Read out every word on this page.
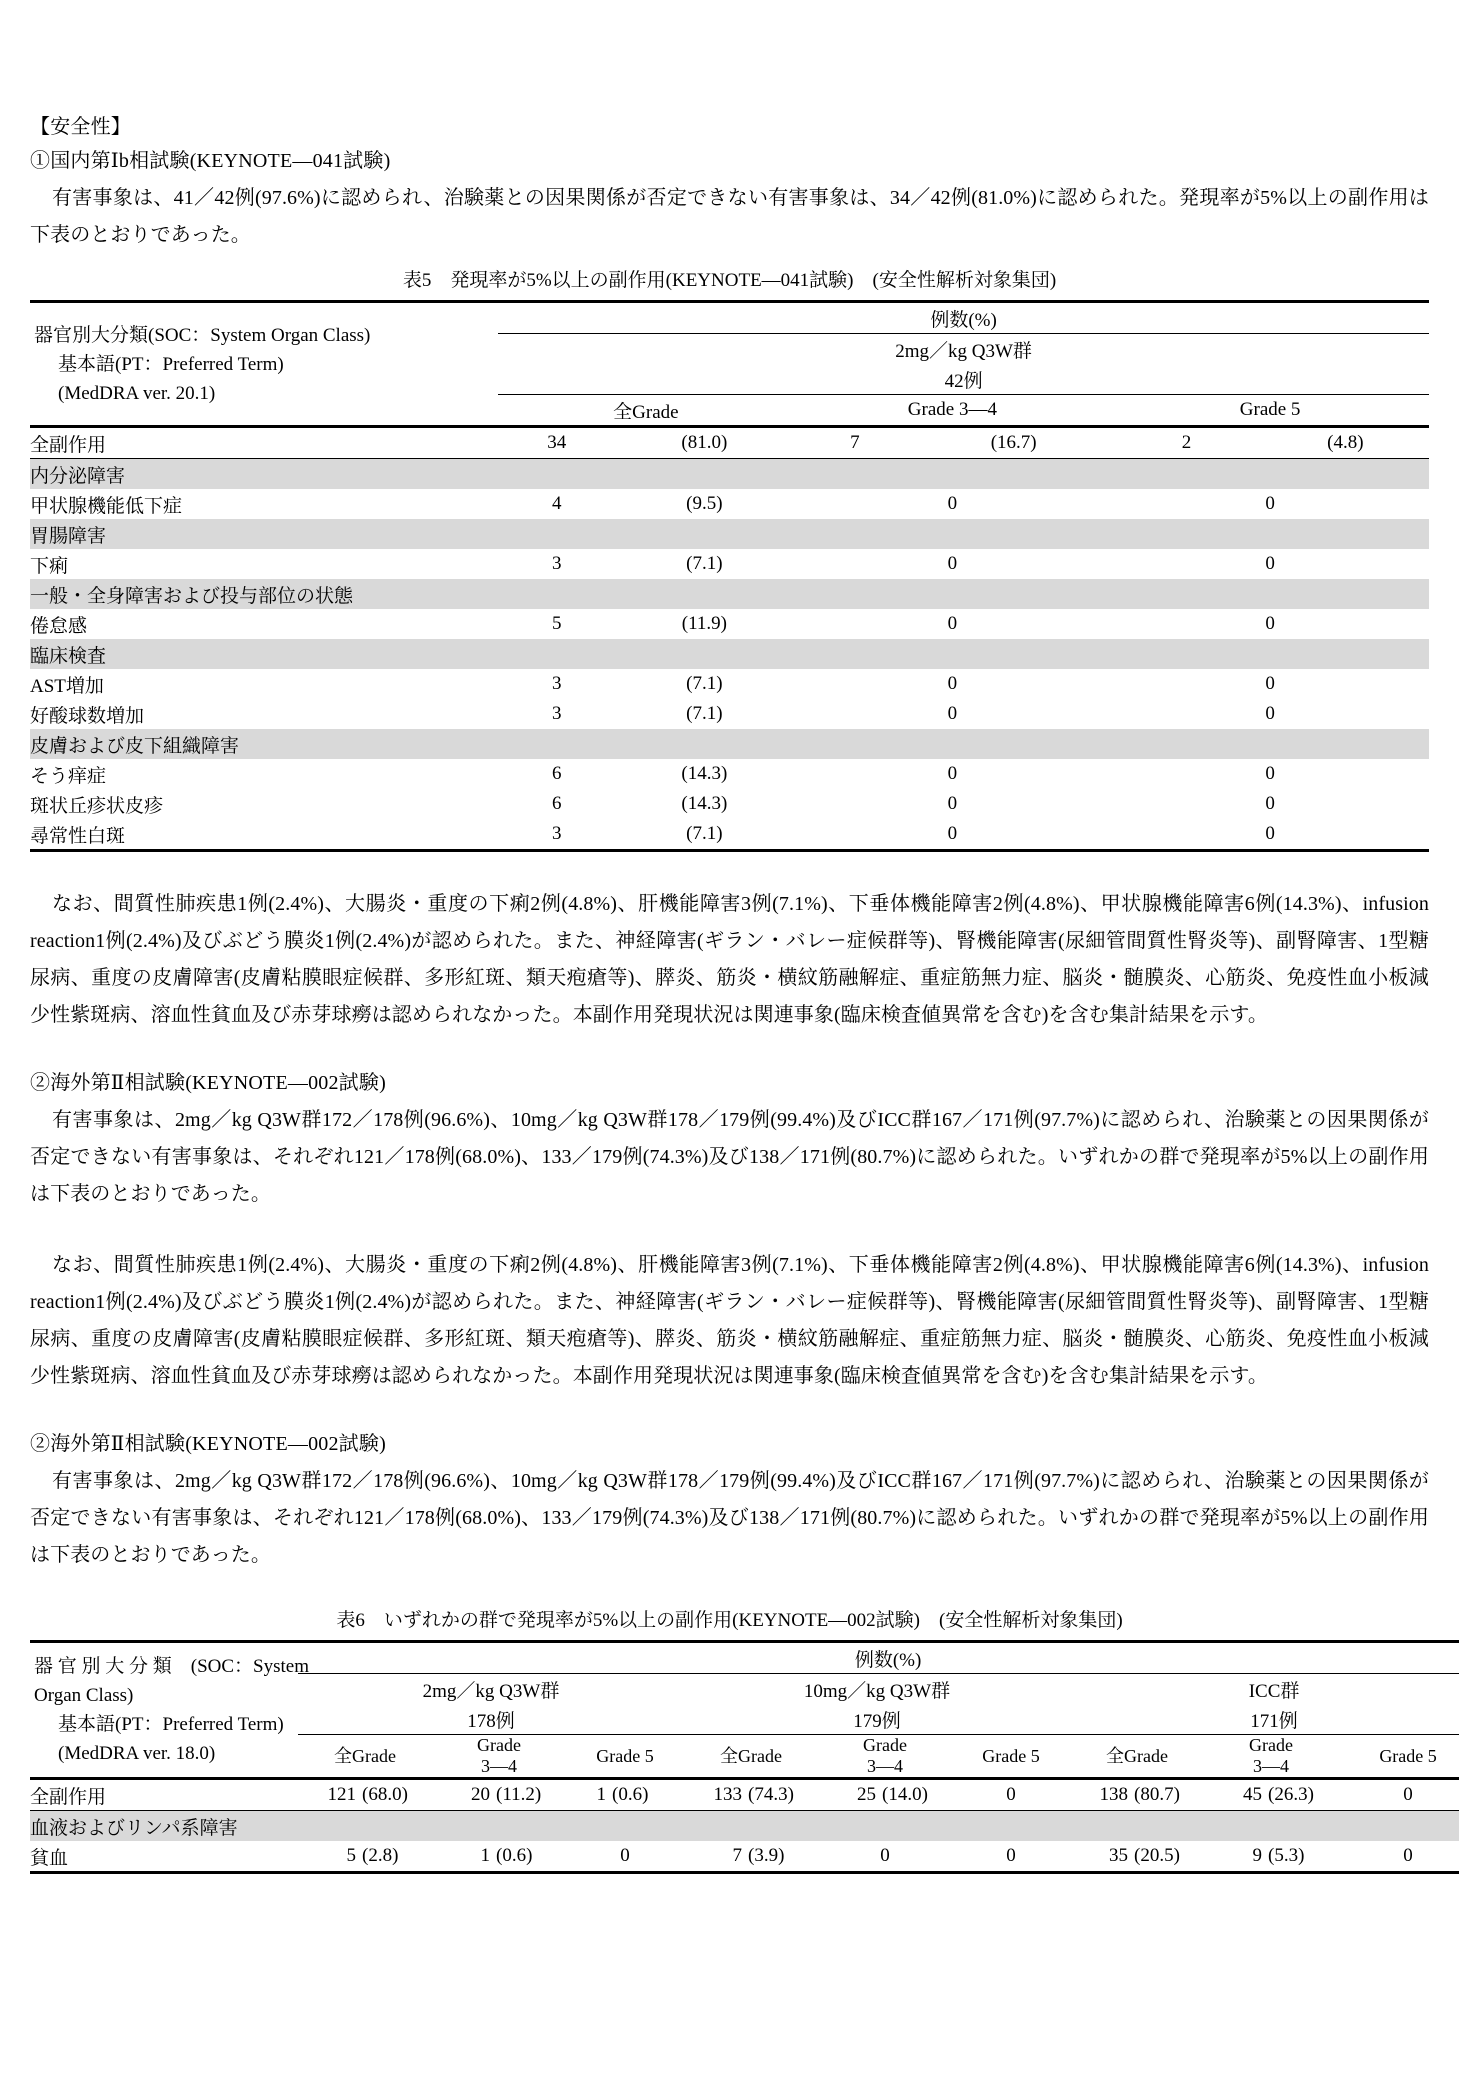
【安全性】
①国内第Ⅰb相試験(KEYNOTE―041試験)

有害事象は、41／42例(97.6%)に認められ、治験薬との因果関係が否定できない有害事象は、34／42例(81.0%)に認められた。発現率が5%以上の副作用は下表のとおりであった。

表5　発現率が5%以上の副作用(KEYNOTE―041試験)　(安全性解析対象集団)
器官別大分類(SOC：System Organ Class)
基本語(PT：Preferred Term)
(MedDRA ver. 20.1)	例数(%)					
	2mg／kg Q3W群					
	42例					
	全Grade		Grade 3―4		Grade 5	
全副作用	34	(81.0)	7	(16.7)	2	(4.8)
内分泌障害						
甲状腺機能低下症	4	(9.5)	0		0	
胃腸障害						
下痢	3	(7.1)	0		0	
一般・全身障害および投与部位の状態						
倦怠感	5	(11.9)	0		0	
臨床検査						
AST増加	3	(7.1)	0		0	
好酸球数増加	3	(7.1)	0		0	
皮膚および皮下組織障害						
そう痒症	6	(14.3)	0		0	
斑状丘疹状皮疹	6	(14.3)	0		0	
尋常性白斑	3	(7.1)	0		0	

なお、間質性肺疾患1例(2.4%)、大腸炎・重度の下痢2例(4.8%)、肝機能障害3例(7.1%)、下垂体機能障害2例(4.8%)、甲状腺機能障害6例(14.3%)、infusion reaction1例(2.4%)及びぶどう膜炎1例(2.4%)が認められた。また、神経障害(ギラン・バレー症候群等)、腎機能障害(尿細管間質性腎炎等)、副腎障害、1型糖尿病、重度の皮膚障害(皮膚粘膜眼症候群、多形紅斑、類天疱瘡等)、膵炎、筋炎・横紋筋融解症、重症筋無力症、脳炎・髄膜炎、心筋炎、免疫性血小板減少性紫斑病、溶血性貧血及び赤芽球癆は認められなかった。本副作用発現状況は関連事象(臨床検査値異常を含む)を含む集計結果を示す。

②海外第Ⅱ相試験(KEYNOTE―002試験)

有害事象は、2mg／kg Q3W群172／178例(96.6%)、10mg／kg Q3W群178／179例(99.4%)及びICC群167／171例(97.7%)に認められ、治験薬との因果関係が否定できない有害事象は、それぞれ121／178例(68.0%)、133／179例(74.3%)及び138／171例(80.7%)に認められた。いずれかの群で発現率が5%以上の副作用は下表のとおりであった。

なお、間質性肺疾患1例(2.4%)、大腸炎・重度の下痢2例(4.8%)、肝機能障害3例(7.1%)、下垂体機能障害2例(4.8%)、甲状腺機能障害6例(14.3%)、infusion reaction1例(2.4%)及びぶどう膜炎1例(2.4%)が認められた。また、神経障害(ギラン・バレー症候群等)、腎機能障害(尿細管間質性腎炎等)、副腎障害、1型糖尿病、重度の皮膚障害(皮膚粘膜眼症候群、多形紅斑、類天疱瘡等)、膵炎、筋炎・横紋筋融解症、重症筋無力症、脳炎・髄膜炎、心筋炎、免疫性血小板減少性紫斑病、溶血性貧血及び赤芽球癆は認められなかった。本副作用発現状況は関連事象(臨床検査値異常を含む)を含む集計結果を示す。

②海外第Ⅱ相試験(KEYNOTE―002試験)

有害事象は、2mg／kg Q3W群172／178例(96.6%)、10mg／kg Q3W群178／179例(99.4%)及びICC群167／171例(97.7%)に認められ、治験薬との因果関係が否定できない有害事象は、それぞれ121／178例(68.0%)、133／179例(74.3%)及び138／171例(80.7%)に認められた。いずれかの群で発現率が5%以上の副作用は下表のとおりであった。

表6　いずれかの群で発現率が5%以上の副作用(KEYNOTE―002試験)　(安全性解析対象集団)
器 官 別 大 分 類　(SOC：System
Organ Class)
基本語(PT：Preferred Term)
(MedDRA ver. 18.0)	例数(%)															
	2mg／kg Q3W群						10mg／kg Q3W群					ICC群				
	178例						179例					171例				
	全Grade		Grade
3―4		Grade 5		全Grade		Grade
3―4		Grade 5	全Grade		Grade
3―4		Grade 5
全副作用	121	(68.0)	20	(11.2)	1	(0.6)	133	(74.3)	25	(14.0)	0	138	(80.7)	45	(26.3)	0
血液およびリンパ系障害																
貧血	5	(2.8)	1	(0.6)	0		7	(3.9)	0		0	35	(20.5)	9	(5.3)	0
